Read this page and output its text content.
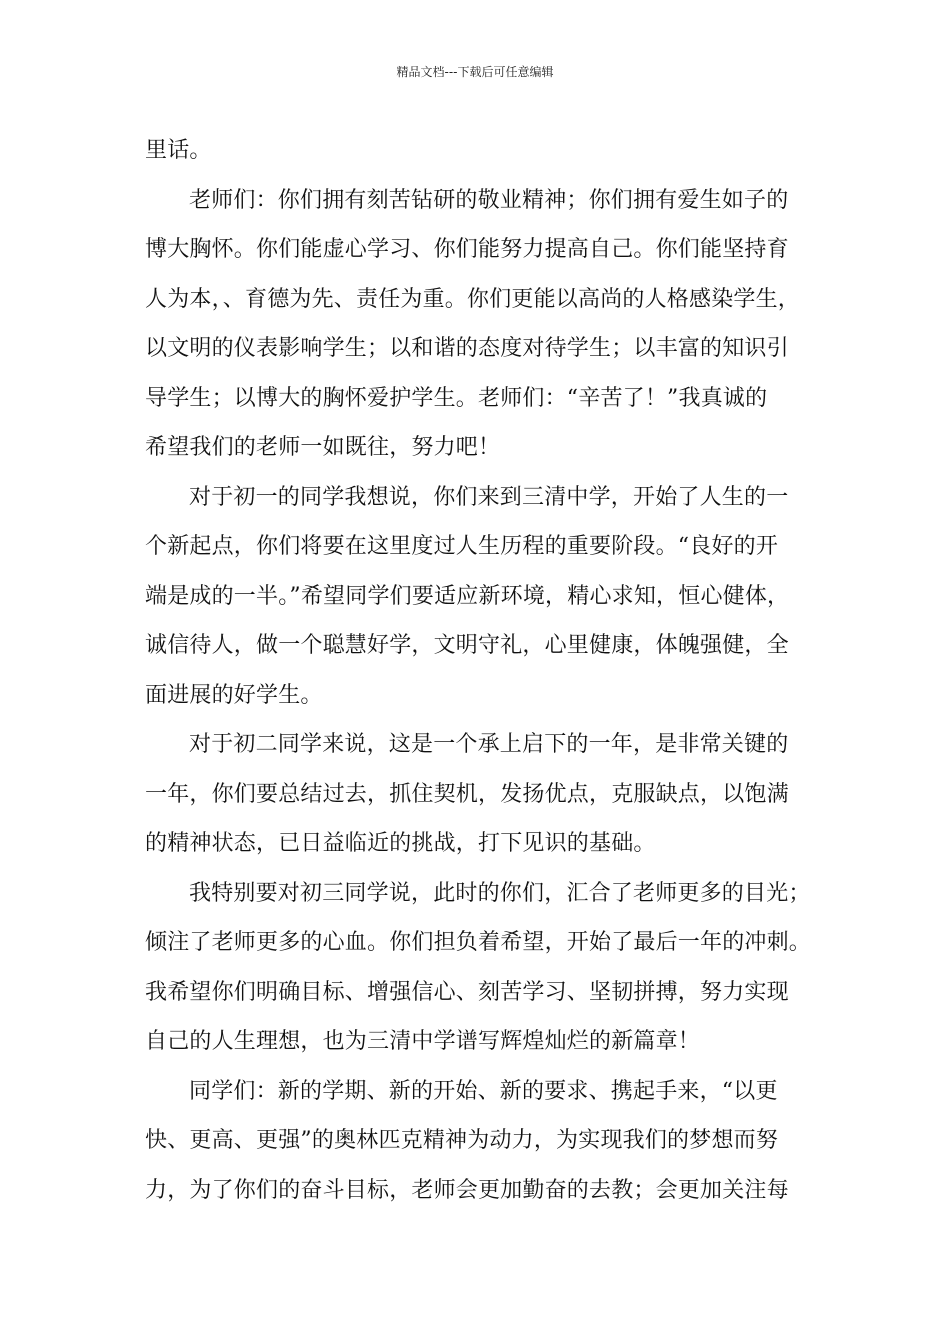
精品文档---下载后可任意编辑
里话。
老师们：你们拥有刻苦钻研的敬业精神；你们拥有爱生如子的
博大胸怀。你们能虚心学习、你们能努力提高自己。你们能坚持育
人为本，、育德为先、责任为重。你们更能以高尚的人格感染学生，
以文明的仪表影响学生；以和谐的态度对待学生；以丰富的知识引
导学生；以博大的胸怀爱护学生。老师们：“辛苦了！”我真诚的
希望我们的老师一如既往，努力吧！
对于初一的同学我想说，你们来到三清中学，开始了人生的一
个新起点，你们将要在这里度过人生历程的重要阶段。“良好的开
端是成的一半。”希望同学们要适应新环境，精心求知，恒心健体，
诚信待人，做一个聪慧好学，文明守礼，心里健康，体魄强健，全
面进展的好学生。
对于初二同学来说，这是一个承上启下的一年，是非常关键的
一年，你们要总结过去，抓住契机，发扬优点，克服缺点，以饱满
的精神状态，已日益临近的挑战，打下见识的基础。
我特别要对初三同学说，此时的你们，汇合了老师更多的目光；
倾注了老师更多的心血。你们担负着希望，开始了最后一年的冲刺。
我希望你们明确目标、增强信心、刻苦学习、坚韧拼搏，努力实现
自己的人生理想，也为三清中学谱写辉煌灿烂的新篇章！
同学们：新的学期、新的开始、新的要求、携起手来，“以更
快、更高、更强”的奥林匹克精神为动力，为实现我们的梦想而努
力，为了你们的奋斗目标，老师会更加勤奋的去教；会更加关注每
